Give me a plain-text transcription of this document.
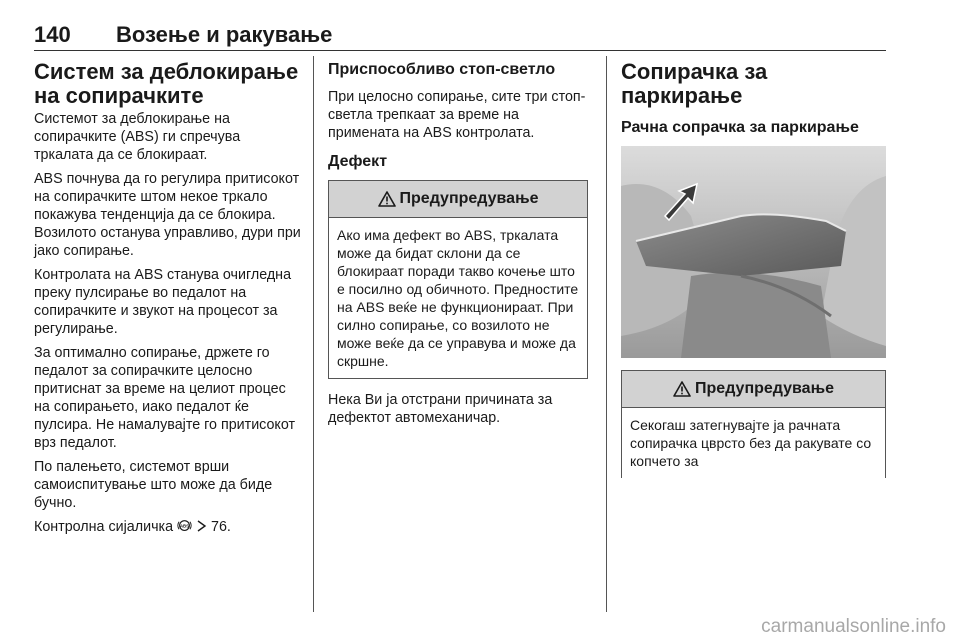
140 Возење и ракување
Систем за деблокирање на сопирачките

Системот за деблокирање на сопирачките (ABS) ги спречува тркалата да се блокираат.

ABS почнува да го регулира притисокот на сопирачките штом некое тркало покажува тенденција да се блокира. Возилото останува управливо, дури при јако сопирање.

Контролата на ABS станува очигледна преку пулсирање во педалот на сопирачките и звукот на процесот за регулирање.

За оптимално сопирање, држете го педалот за сопирачките целосно притиснат за време на целиот процес на сопирањето, иако педалот ќе пулсира. Не намалувајте го притисокот врз педалот.

По палењето, системот врши самоиспитување што може да биде бучно.

Контролна сијаличка ABS 76.

Приспособливо стоп-светло

При целосно сопирање, сите три стоп-светла трепкаат за време на примената на ABS контролата.

Дефект
Предупредување

Ако има дефект во ABS, тркалата може да бидат склони да се блокираат поради такво кочење што е посилно од обичното. Предностите на ABS веќе не функционираат. При силно сопирање, со возилото не може веќе да се управува и може да скршне.

Нека Ви ја отстрани причината за дефектот автомеханичар.

Сопирачка за паркирање
Рачна сопрачка за паркирање
Предупредување

Секогаш затегнувајте ја рачната сопирачка цврсто без да ракувате со копчето за

carmanualsonline.info
